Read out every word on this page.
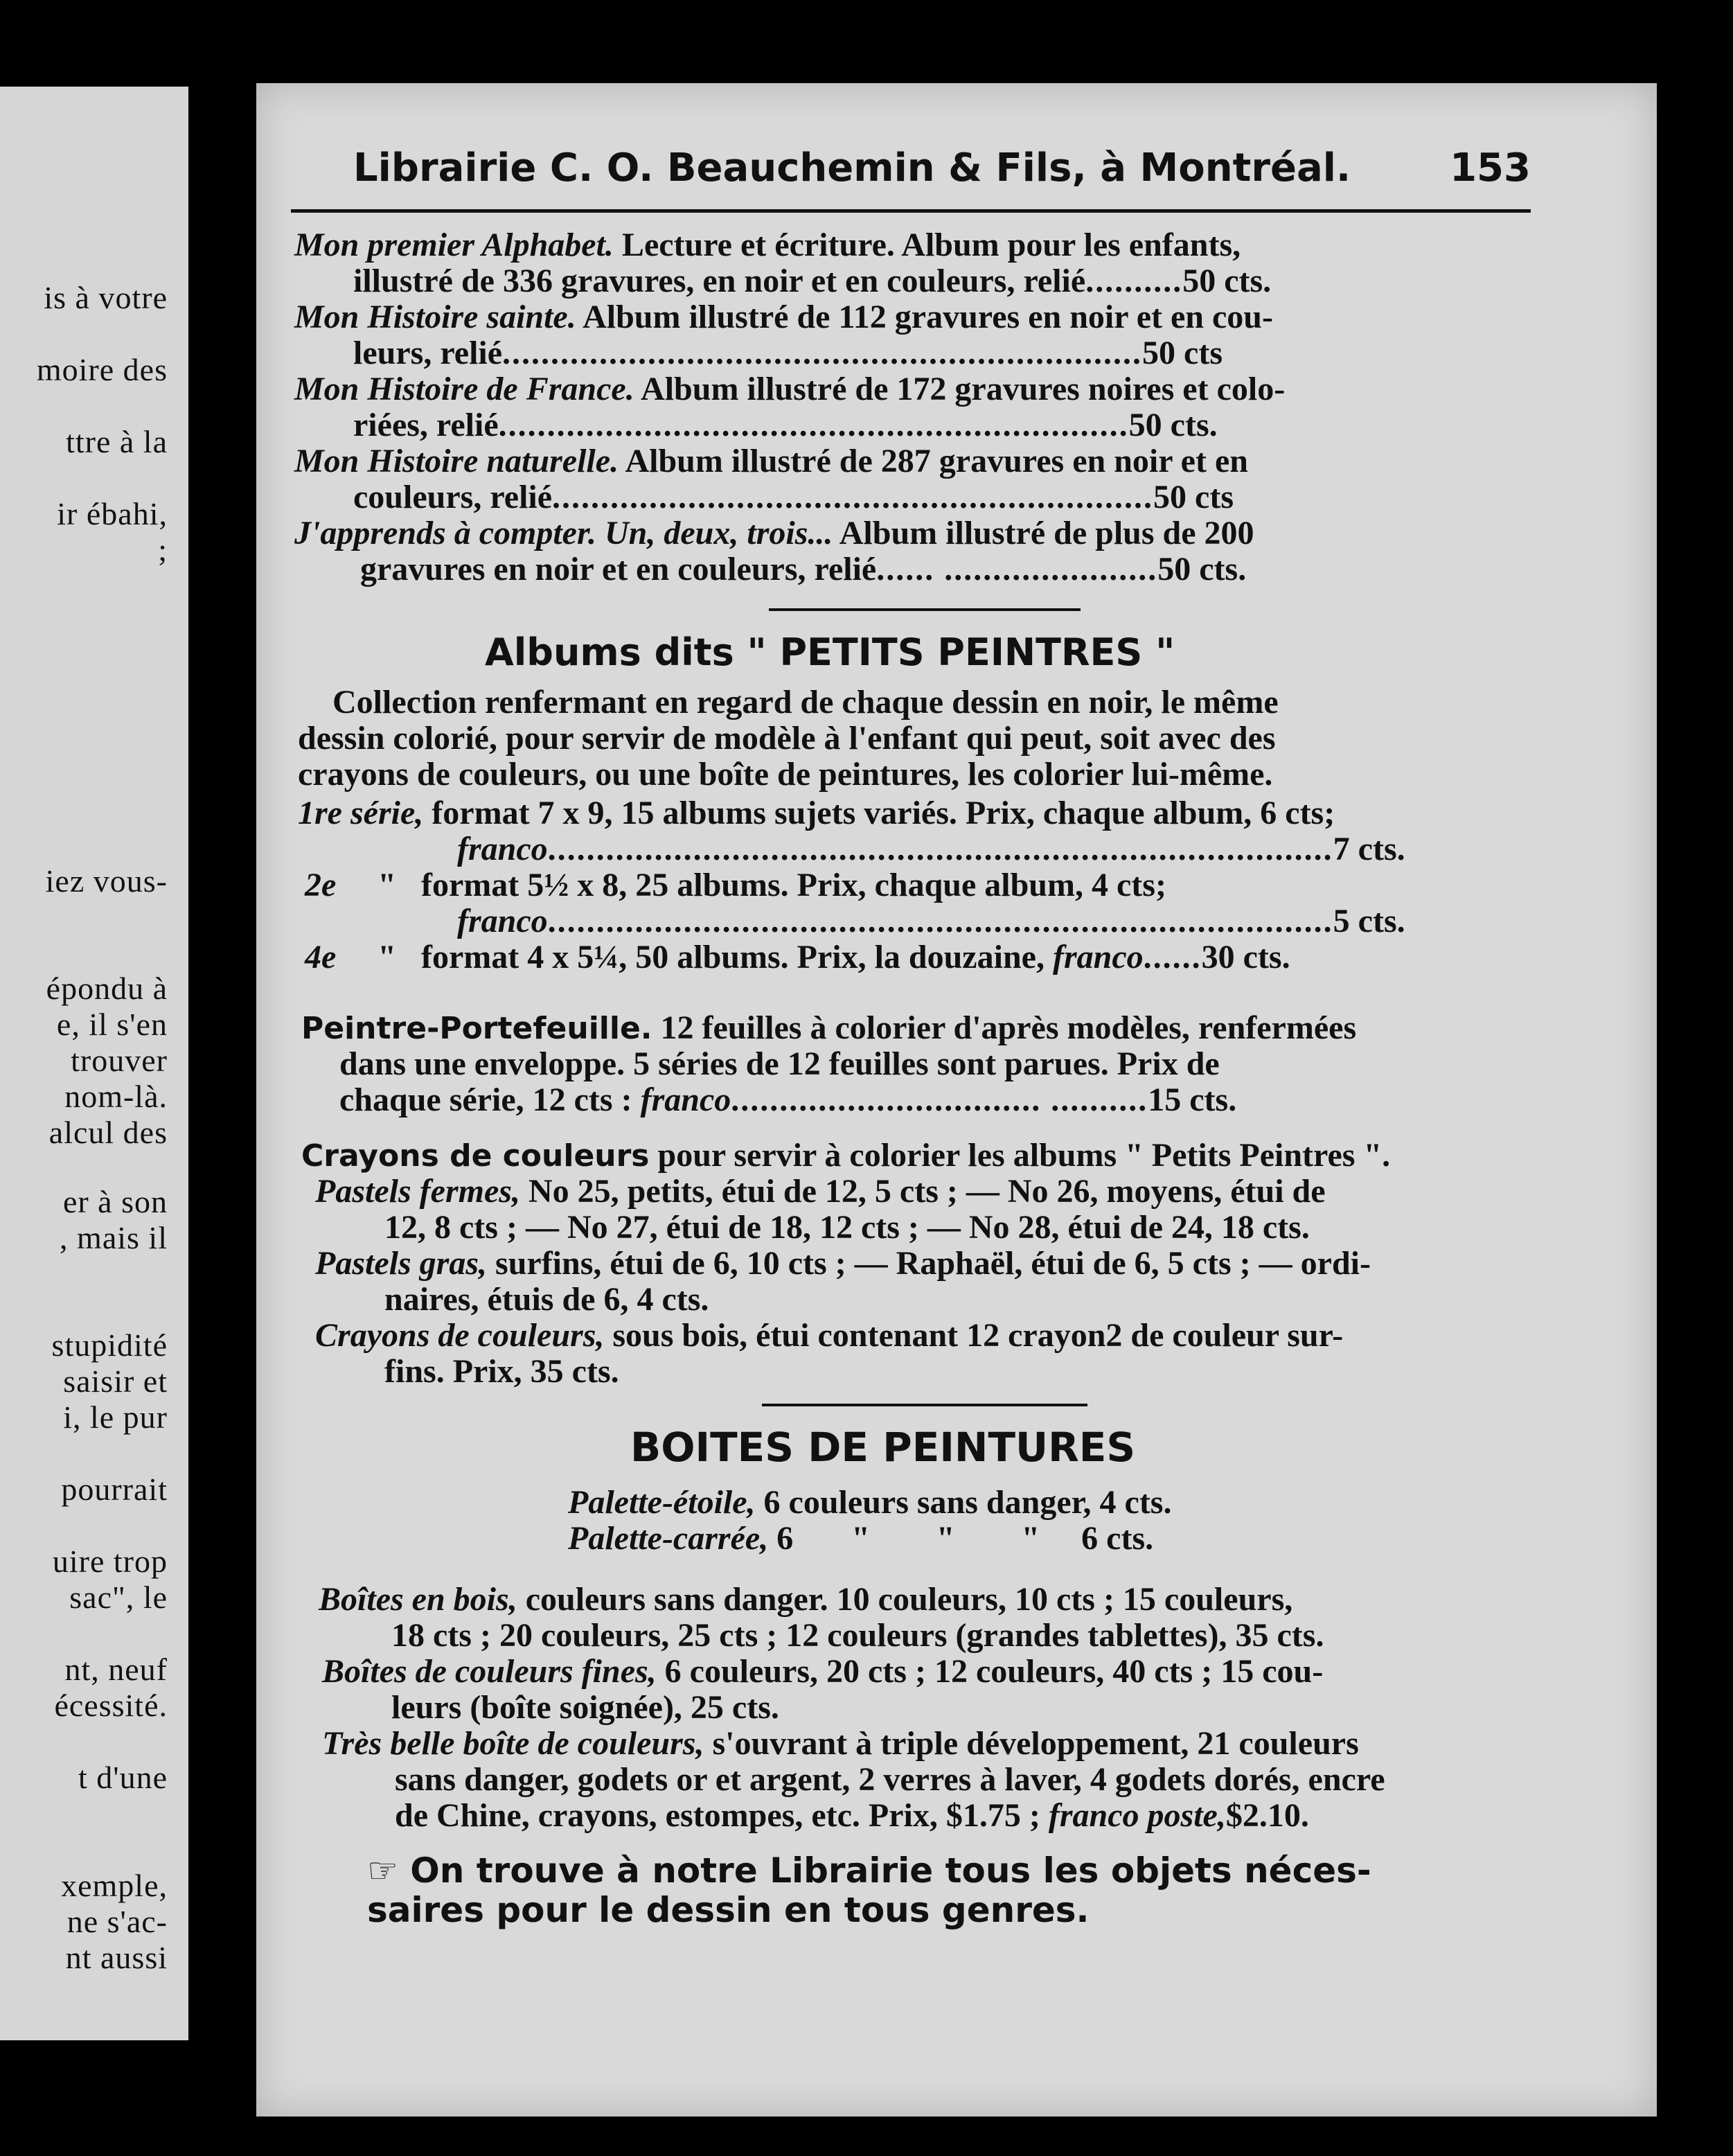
is à votre
moire des
ttre à la
ir ébahi,
;
iez vous-
épondu à
e, il s'en
trouver
nom-là.
alcul des
er à son
, mais il
stupidité
saisir et
i, le pur
pourrait
uire trop
sac", le
nt, neuf
écessité.
t d'une
xemple,
ne s'ac-
nt aussi
Librairie C. O. Beauchemin & Fils, à Montréal.	153
Mon premier Alphabet. Lecture et écriture. Album pour les enfants,
illustré de 336 gravures, en noir et en couleurs, relié..........50 cts.
Mon Histoire sainte. Album illustré de 112 gravures en noir et en cou-
leurs, relié..................................................................50 cts
Mon Histoire de France. Album illustré de 172 gravures noires et colo-
riées, relié.................................................................50 cts.
Mon Histoire naturelle. Album illustré de 287 gravures en noir et en
couleurs, relié..............................................................50 cts
J'apprends à compter. Un, deux, trois... Album illustré de plus de 200
gravures en noir et en couleurs, relié...... ......................50 cts.
Albums dits " PETITS PEINTRES "
Collection renfermant en regard de chaque dessin en noir, le même
dessin colorié, pour servir de modèle à l'enfant qui peut, soit avec des
crayons de couleurs, ou une boîte de peintures, les colorier lui-même.
1re série, format 7 x 9, 15 albums sujets variés. Prix, chaque album, 6 cts;
franco.................................................................................7 cts.
2e " format 5½ x 8, 25 albums. Prix, chaque album, 4 cts;
franco.................................................................................5 cts.
4e " format 4 x 5¼, 50 albums. Prix, la douzaine, franco......30 cts.
Peintre-Portefeuille. 12 feuilles à colorier d'après modèles, renfermées
dans une enveloppe. 5 séries de 12 feuilles sont parues. Prix de
chaque série, 12 cts : franco................................ ..........15 cts.
Crayons de couleurs pour servir à colorier les albums " Petits Peintres ".
Pastels fermes, No 25, petits, étui de 12, 5 cts ; — No 26, moyens, étui de
12, 8 cts ; — No 27, étui de 18, 12 cts ; — No 28, étui de 24, 18 cts.
Pastels gras, surfins, étui de 6, 10 cts ; — Raphaël, étui de 6, 5 cts ; — ordi-
naires, étuis de 6, 4 cts.
Crayons de couleurs, sous bois, étui contenant 12 crayon2 de couleur sur-
fins. Prix, 35 cts.
BOITES DE PEINTURES
Palette-étoile, 6 couleurs sans danger, 4 cts.
Palette-carrée, 6 "        "        " 6 cts.
Boîtes en bois, couleurs sans danger. 10 couleurs, 10 cts ; 15 couleurs,
18 cts ; 20 couleurs, 25 cts ; 12 couleurs (grandes tablettes), 35 cts.
Boîtes de couleurs fines, 6 couleurs, 20 cts ; 12 couleurs, 40 cts ; 15 cou-
leurs (boîte soignée), 25 cts.
Très belle boîte de couleurs, s'ouvrant à triple développement, 21 couleurs
sans danger, godets or et argent, 2 verres à laver, 4 godets dorés, encre
de Chine, crayons, estompes, etc. Prix, $1.75 ; franco poste,$2.10.
☞ On trouve à notre Librairie tous les objets néces-
saires pour le dessin en tous genres.
